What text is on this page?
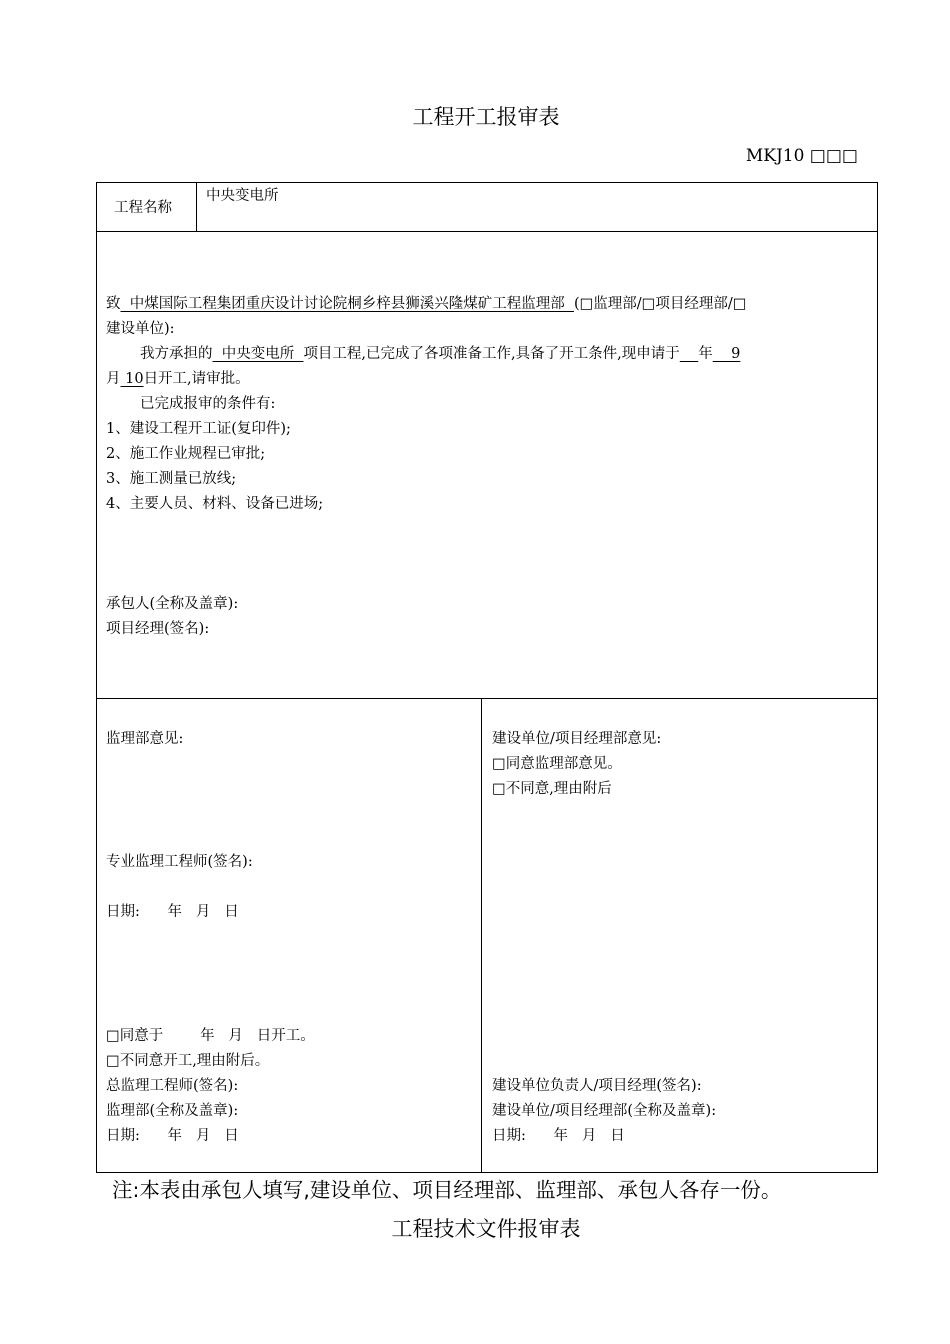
工程开工报审表
MKJ10 □□□
工程名称
中央变电所
致  中煤国际工程集团重庆设计讨论院桐乡梓县狮溪兴隆煤矿工程监理部  (□监理部/□项目经理部/□
建设单位):
我方承担的  中央变电所  项目工程,已完成了各项准备工作,具备了开工条件,现申请于 年    9
月 10日开工,请审批。
已完成报审的条件有:
1、建设工程开工证(复印件);
2、施工作业规程已审批;
3、施工测量已放线;
4、主要人员、材料、设备已进场;
承包人(全称及盖章):
项目经理(签名):
监理部意见:
专业监理工程师(签名):
日期:      年   月   日
□同意于        年   月   日开工。
□不同意开工,理由附后。
总监理工程师(签名):
监理部(全称及盖章):
日期:      年   月   日
建设单位/项目经理部意见:
□同意监理部意见。
□不同意,理由附后
建设单位负责人/项目经理(签名):
建设单位/项目经理部(全称及盖章):
日期:      年   月   日
注:本表由承包人填写,建设单位、项目经理部、监理部、承包人各存一份。
工程技术文件报审表
